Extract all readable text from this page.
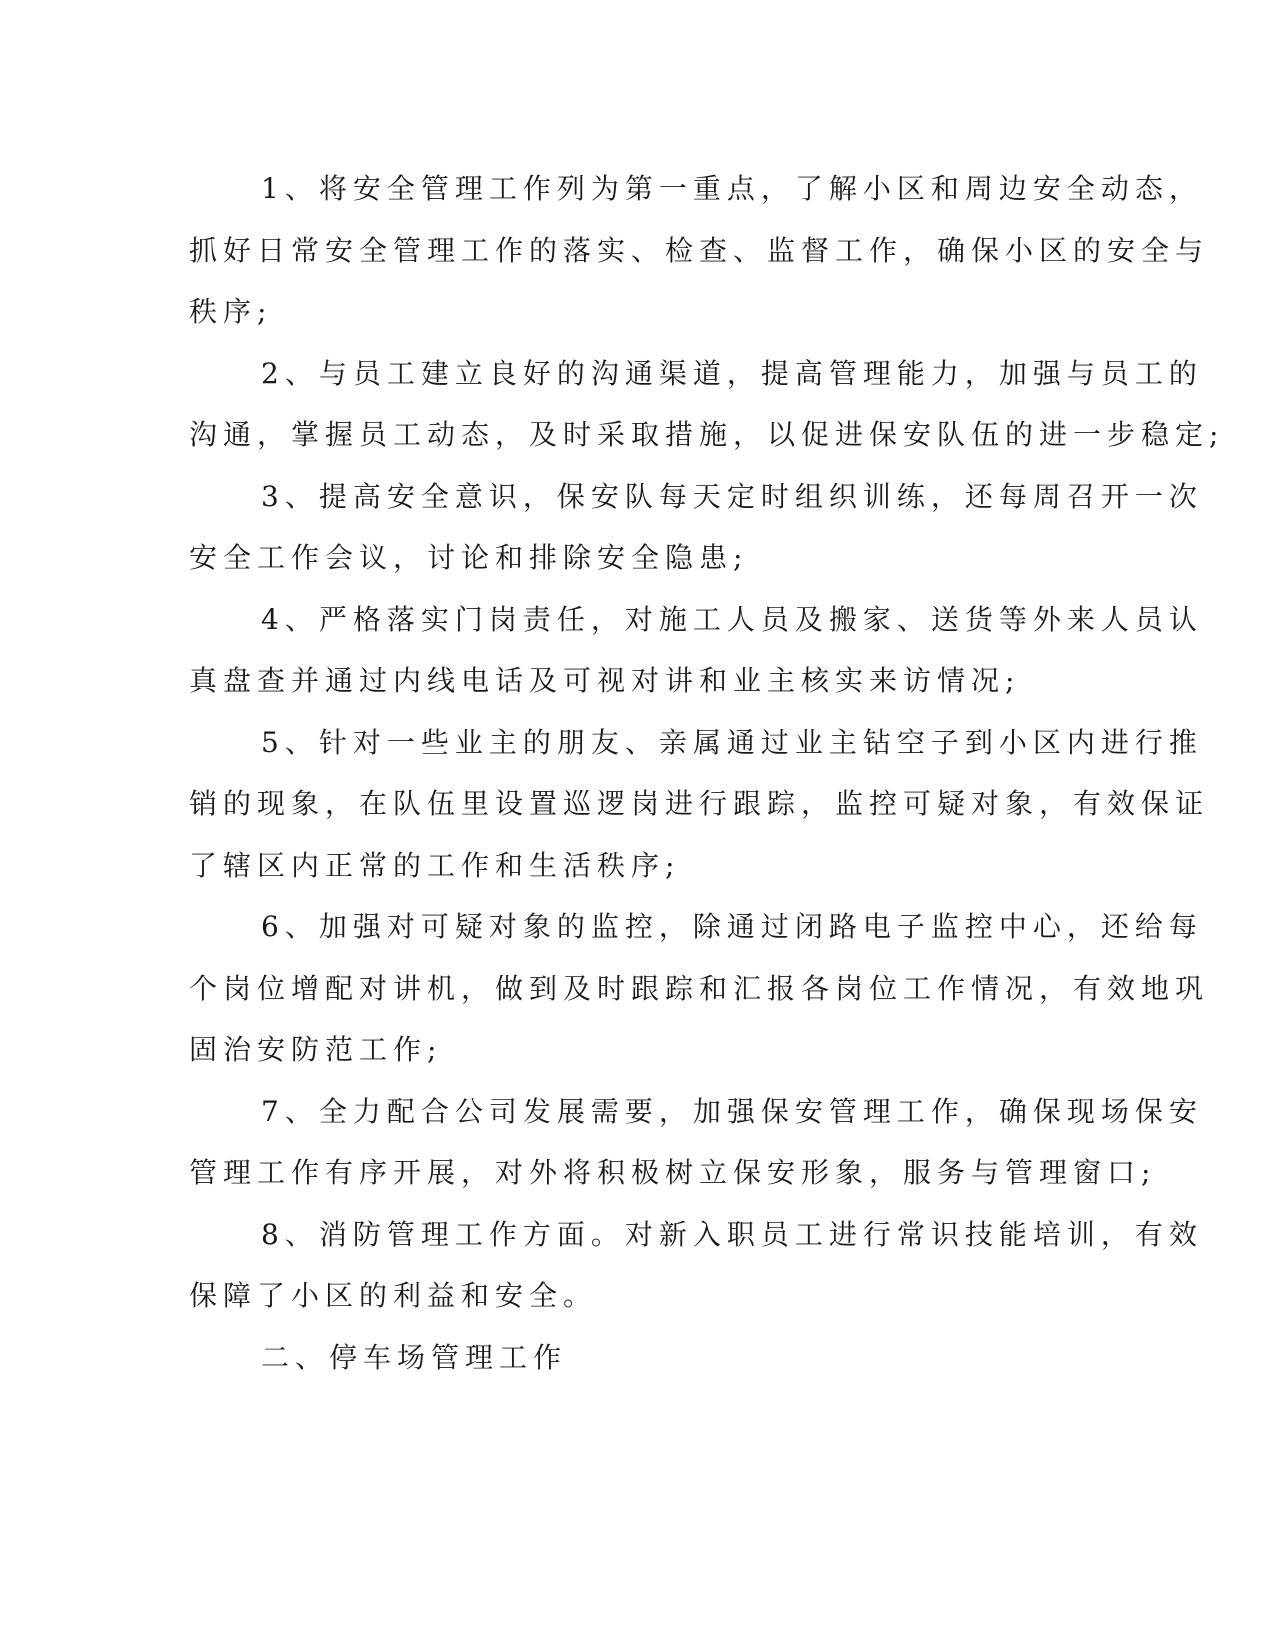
1、将安全管理工作列为第一重点，了解小区和周边安全动态，
抓好日常安全管理工作的落实、检查、监督工作，确保小区的安全与
秩序;
2、与员工建立良好的沟通渠道，提高管理能力，加强与员工的
沟通，掌握员工动态，及时采取措施，以促进保安队伍的进一步稳定;
3、提高安全意识，保安队每天定时组织训练，还每周召开一次
安全工作会议，讨论和排除安全隐患;
4、严格落实门岗责任，对施工人员及搬家、送货等外来人员认
真盘查并通过内线电话及可视对讲和业主核实来访情况;
5、针对一些业主的朋友、亲属通过业主钻空子到小区内进行推
销的现象，在队伍里设置巡逻岗进行跟踪，监控可疑对象，有效保证
了辖区内正常的工作和生活秩序;
6、加强对可疑对象的监控，除通过闭路电子监控中心，还给每
个岗位增配对讲机，做到及时跟踪和汇报各岗位工作情况，有效地巩
固治安防范工作;
7、全力配合公司发展需要，加强保安管理工作，确保现场保安
管理工作有序开展，对外将积极树立保安形象，服务与管理窗口;
8、消防管理工作方面。对新入职员工进行常识技能培训，有效
保障了小区的利益和安全。
二、停车场管理工作
